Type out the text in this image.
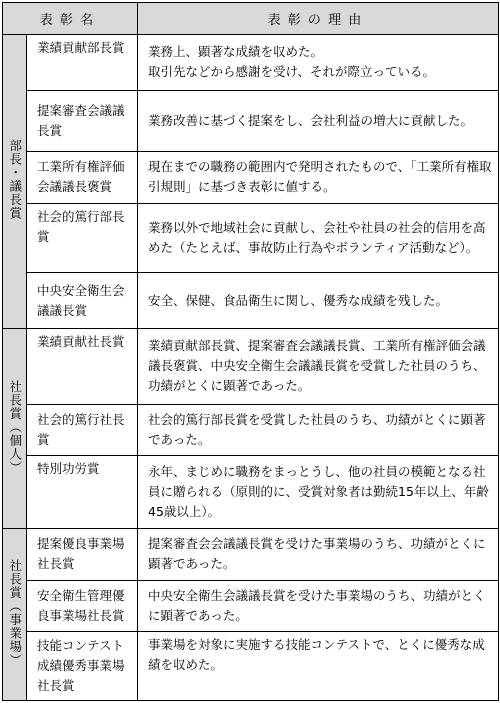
表彰名		表彰の理由
部長・議長賞	業績貢献部長賞	業務上、顕著な成績を収めた。
取引先などから感謝を受け、それが際立っている。
	提案審査会議議長賞	業務改善に基づく提案をし、会社利益の増大に貢献した。
	工業所有権評価会議議長褒賞	現在までの職務の範囲内で発明されたもので、「工業所有権取引規則」に基づき表彰に値する。
	社会的篤行部長賞	業務以外で地域社会に貢献し、会社や社員の社会的信用を高めた（たとえば、事故防止行為やボランティア活動など）。
	中央安全衛生会議議長賞	安全、保健、食品衛生に関し、優秀な成績を残した。
社長賞（個人）	業績貢献社長賞	業績貢献部長賞、提案審査会議議長賞、工業所有権評価会議議長褒賞、中央安全衛生会議議長賞を受賞した社員のうち、功績がとくに顕著であった。
	社会的篤行社長賞	社会的篤行部長賞を受賞した社員のうち、功績がとくに顕著であった。
	特別功労賞	永年、まじめに職務をまっとうし、他の社員の模範となる社員に贈られる（原則的に、受賞対象者は勤続15年以上、年齢45歳以上）。
社長賞（事業場）	提案優良事業場社長賞	提案審査会会議議長賞を受けた事業場のうち、功績がとくに顕著であった。
	安全衛生管理優良事業場社長賞	中央安全衛生会議議長賞を受けた事業場のうち、功績がとくに顕著であった。
	技能コンテスト成績優秀事業場社長賞	事業場を対象に実施する技能コンテストで、とくに優秀な成績を収めた。
